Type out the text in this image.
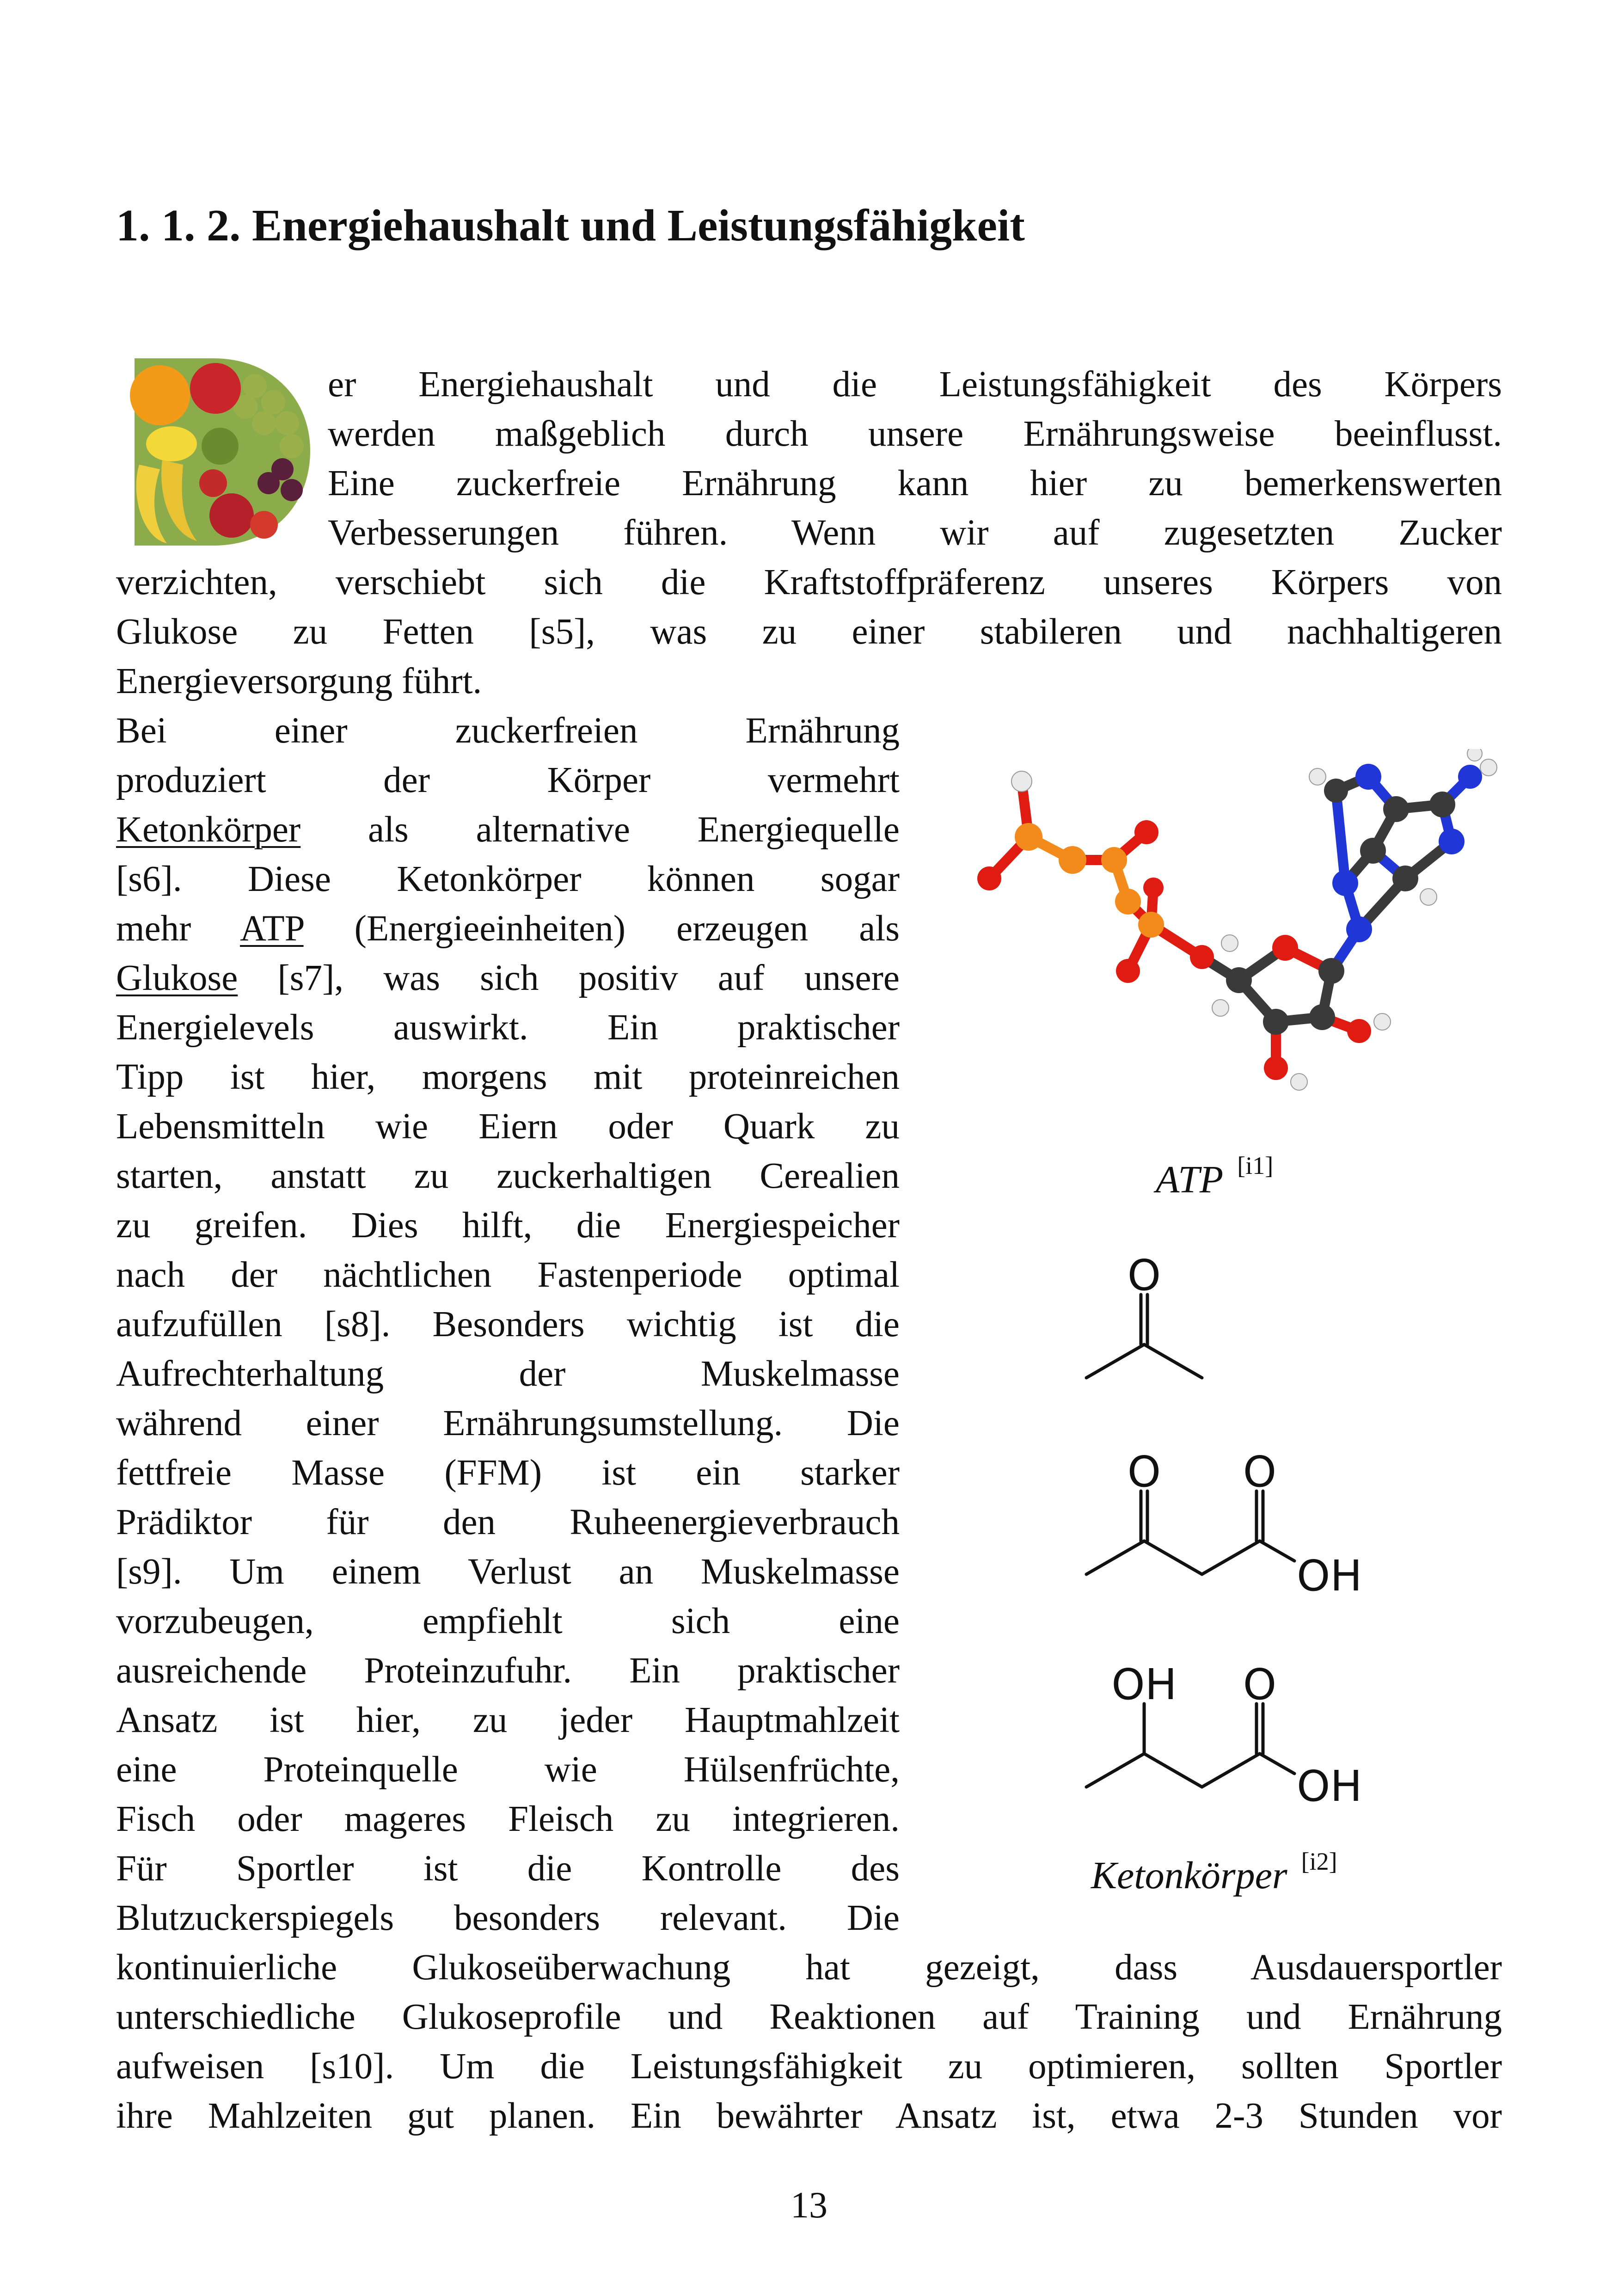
1. 1. 2. Energiehaushalt und Leistungsfähigkeit
er Energiehaushalt und die Leistungsfähigkeit des Körpers
werden maßgeblich durch unsere Ernährungsweise beeinflusst.
Eine zuckerfreie Ernährung kann hier zu bemerkenswerten
Verbesserungen führen. Wenn wir auf zugesetzten Zucker
verzichten, verschiebt sich die Kraftstoffpräferenz unseres Körpers von
Glukose zu Fetten [s5], was zu einer stabileren und nachhaltigeren
Energieversorgung führt.
Bei einer zuckerfreien Ernährung
produziert der Körper vermehrt
Ketonkörper als alternative Energiequelle
[s6]. Diese Ketonkörper können sogar
mehr ATP (Energieeinheiten) erzeugen als
Glukose [s7], was sich positiv auf unsere
Energielevels auswirkt. Ein praktischer
Tipp ist hier, morgens mit proteinreichen
Lebensmitteln wie Eiern oder Quark zu
starten, anstatt zu zuckerhaltigen Cerealien
zu greifen. Dies hilft, die Energiespeicher
nach der nächtlichen Fastenperiode optimal
aufzufüllen [s8]. Besonders wichtig ist die
Aufrechterhaltung der Muskelmasse
während einer Ernährungsumstellung. Die
fettfreie Masse (FFM) ist ein starker
Prädiktor für den Ruheenergieverbrauch
[s9]. Um einem Verlust an Muskelmasse
vorzubeugen, empfiehlt sich eine
ausreichende Proteinzufuhr. Ein praktischer
Ansatz ist hier, zu jeder Hauptmahlzeit
eine Proteinquelle wie Hülsenfrüchte,
Fisch oder mageres Fleisch zu integrieren.
Für Sportler ist die Kontrolle des
Blutzuckerspiegels besonders relevant. Die
kontinuierliche Glukoseüberwachung hat gezeigt, dass Ausdauersportler
unterschiedliche Glukoseprofile und Reaktionen auf Training und Ernährung
aufweisen [s10]. Um die Leistungsfähigkeit zu optimieren, sollten Sportler
ihre Mahlzeiten gut planen. Ein bewährter Ansatz ist, etwa 2-3 Stunden vor
ATP [i1]
O
O O
OH
OH O
OH
Ketonkörper [i2]
13
